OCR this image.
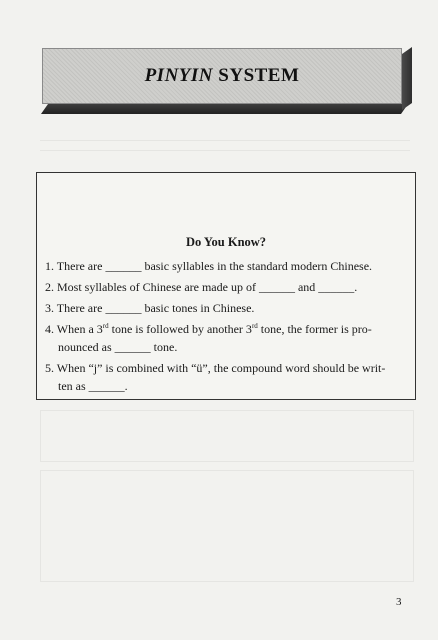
PINYIN SYSTEM
Do You Know?
1. There are ______ basic syllables in the standard modern Chinese.
2. Most syllables of Chinese are made up of ______ and ______.
3. There are ______ basic tones in Chinese.
4. When a 3rd tone is followed by another 3rd tone, the former is pro-
nounced as ______ tone.
5. When “j” is combined with “ü”, the compound word should be writ-
ten as ______.
3
